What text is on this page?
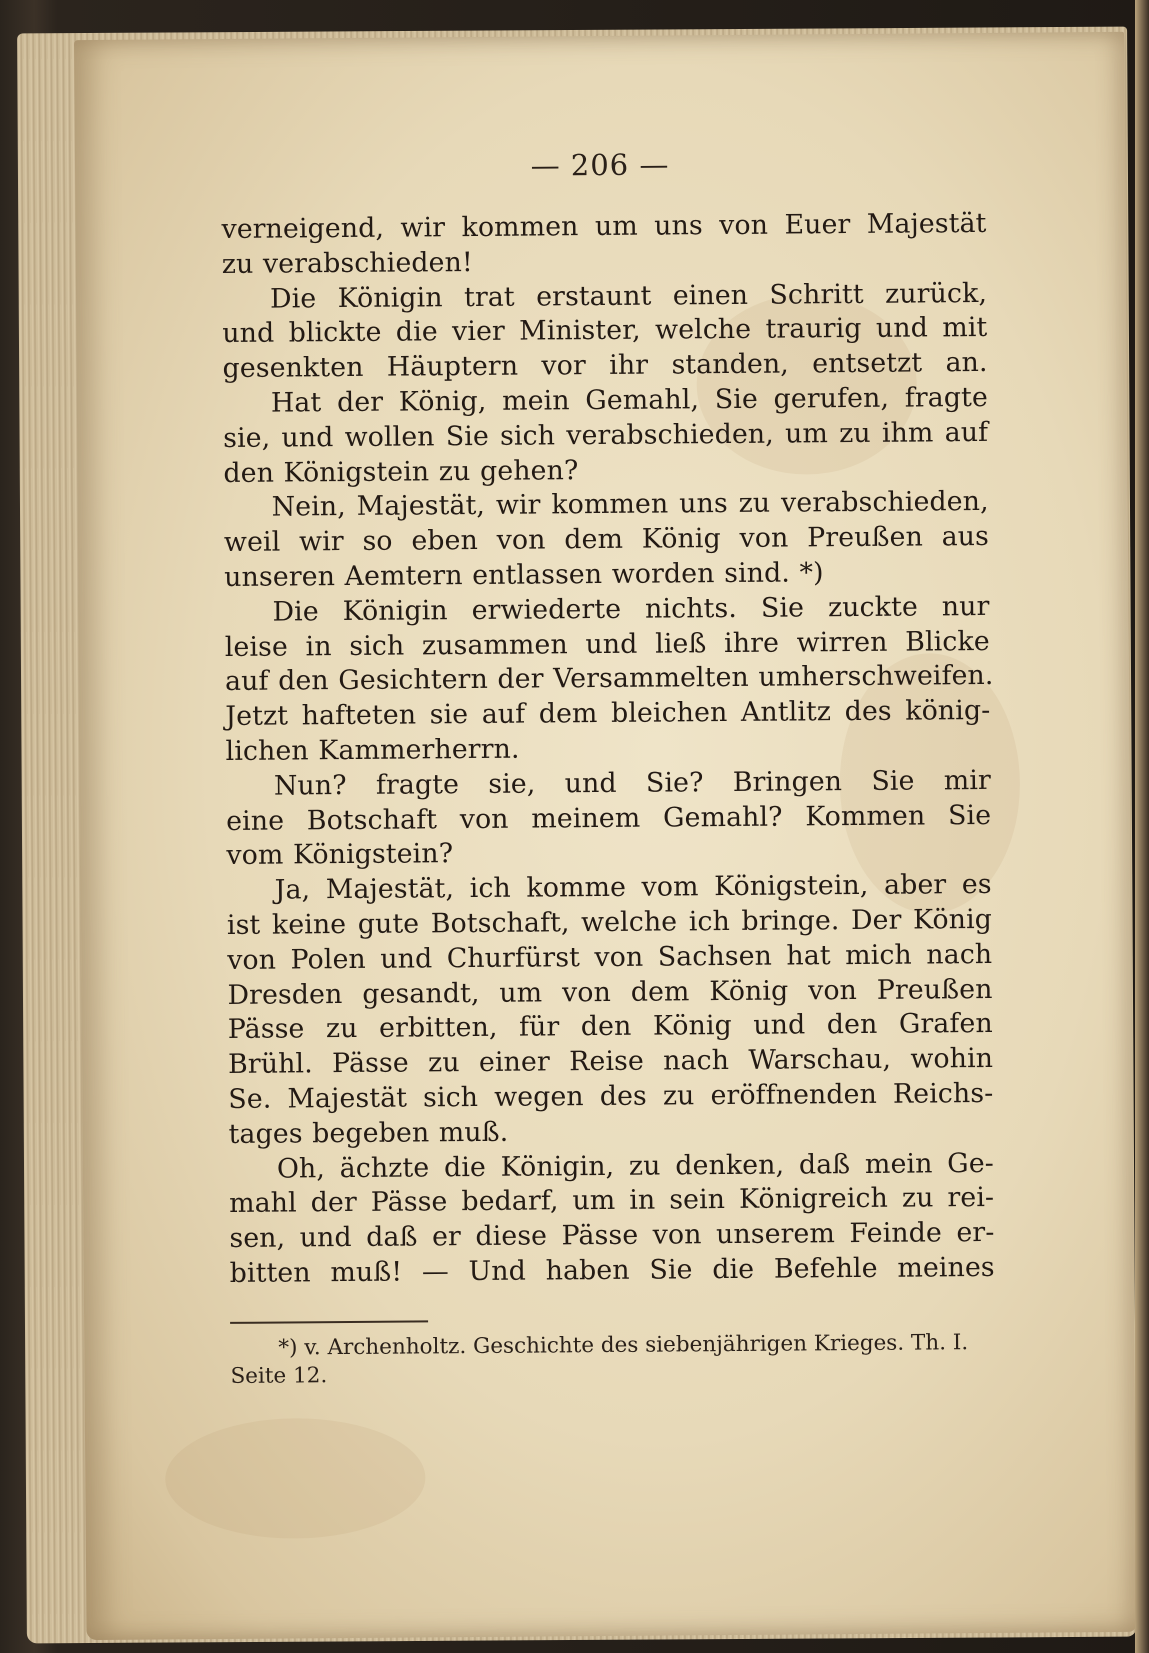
— 206 —
verneigend, wir kommen um uns von Euer Majestät
zu verabschieden!
Die Königin trat erstaunt einen Schritt zurück,
und blickte die vier Minister, welche traurig und mit
gesenkten Häuptern vor ihr standen, entsetzt an.
Hat der König, mein Gemahl, Sie gerufen, fragte
sie, und wollen Sie sich verabschieden, um zu ihm auf
den Königstein zu gehen?
Nein, Majestät, wir kommen uns zu verabschieden,
weil wir so eben von dem König von Preußen aus
unseren Aemtern entlassen worden sind. *)
Die Königin erwiederte nichts. Sie zuckte nur
leise in sich zusammen und ließ ihre wirren Blicke
auf den Gesichtern der Versammelten umherschweifen.
Jetzt hafteten sie auf dem bleichen Antlitz des könig-
lichen Kammerherrn.
Nun? fragte sie, und Sie? Bringen Sie mir
eine Botschaft von meinem Gemahl? Kommen Sie
vom Königstein?
Ja, Majestät, ich komme vom Königstein, aber es
ist keine gute Botschaft, welche ich bringe. Der König
von Polen und Churfürst von Sachsen hat mich nach
Dresden gesandt, um von dem König von Preußen
Pässe zu erbitten, für den König und den Grafen
Brühl. Pässe zu einer Reise nach Warschau, wohin
Se. Majestät sich wegen des zu eröffnenden Reichs-
tages begeben muß.
Oh, ächzte die Königin, zu denken, daß mein Ge-
mahl der Pässe bedarf, um in sein Königreich zu rei-
sen, und daß er diese Pässe von unserem Feinde er-
bitten muß! — Und haben Sie die Befehle meines
*) v. Archenholtz. Geschichte des siebenjährigen Krieges. Th. I.
Seite 12.
